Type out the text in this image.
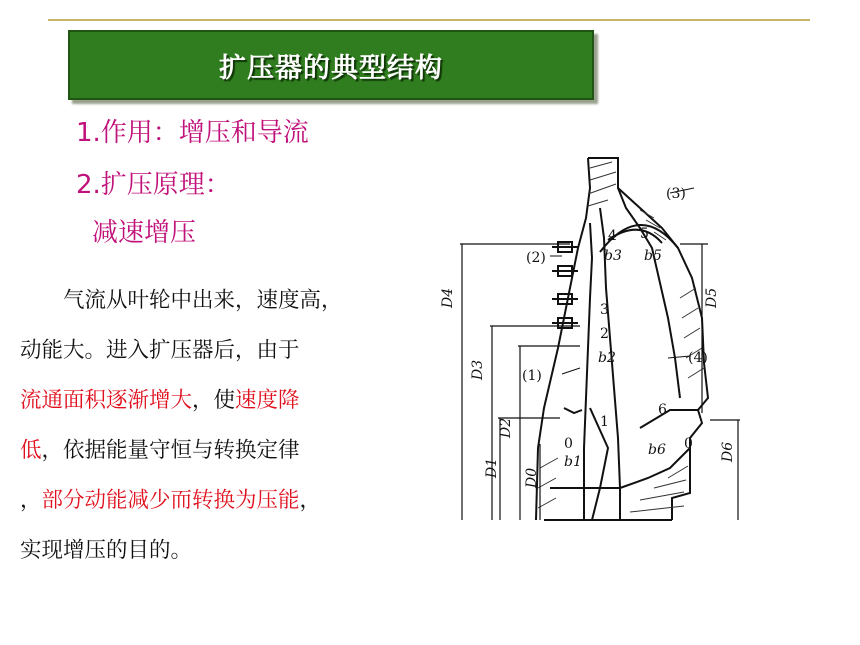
扩压器的典型结构
1.作用：增压和导流
2.扩压原理：
减速增压
气流从叶轮中出来，速度高，
动能大。进入扩压器后，由于
流通面积逐渐增大，使速度降
低，依据能量守恒与转换定律
，部分动能减少而转换为压能，
实现增压的目的。
(3)
(2)
(1)
(4)
4 5
3
2
1
0	0
6
b3 b5
b2
b1
b6
D4
D3
D2
D1 D0
D5
D6
